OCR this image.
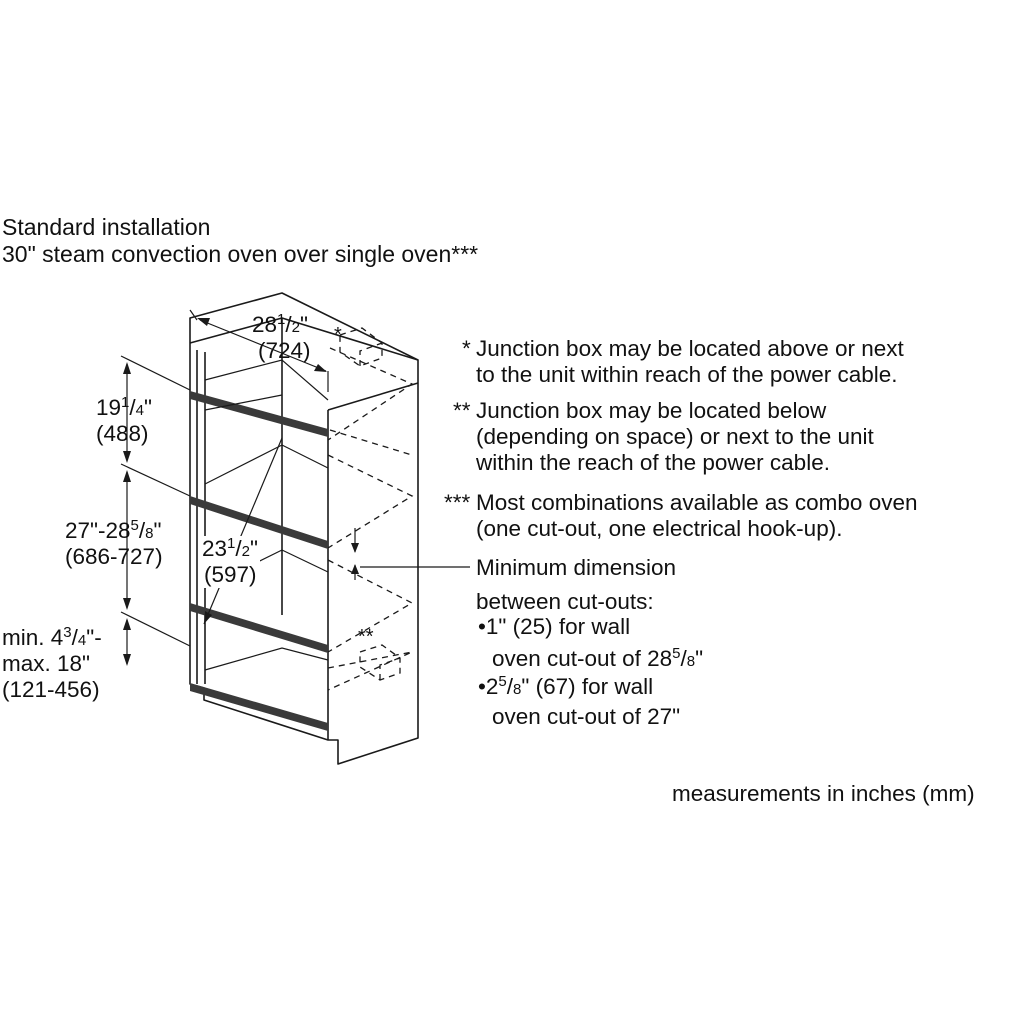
Standard installation
30" steam convection oven over single oven***
$28^1/2$"
(724)
*
$19^1/4$"
(488)
$27"-28^5/8$"
(686-727) $23^1/2$"
(597)
min. $4^3/4"-$
max. 18"
(121-456)
**
* Junction box may be located above or next
to the unit within reach of the power cable.
** Junction box may be located below
(depending on space) or next to the unit
within the reach of the power cable.
*** Most combinations available as combo oven
(one cut-out, one electrical hook-up).
Minimum dimension
between cut-outs:
•1" (25) for wall
oven cut-out of $28^5/8$"
$•2^5/8$" (67) for wall
oven cut-out of 27"
measurements in inches (mm)
